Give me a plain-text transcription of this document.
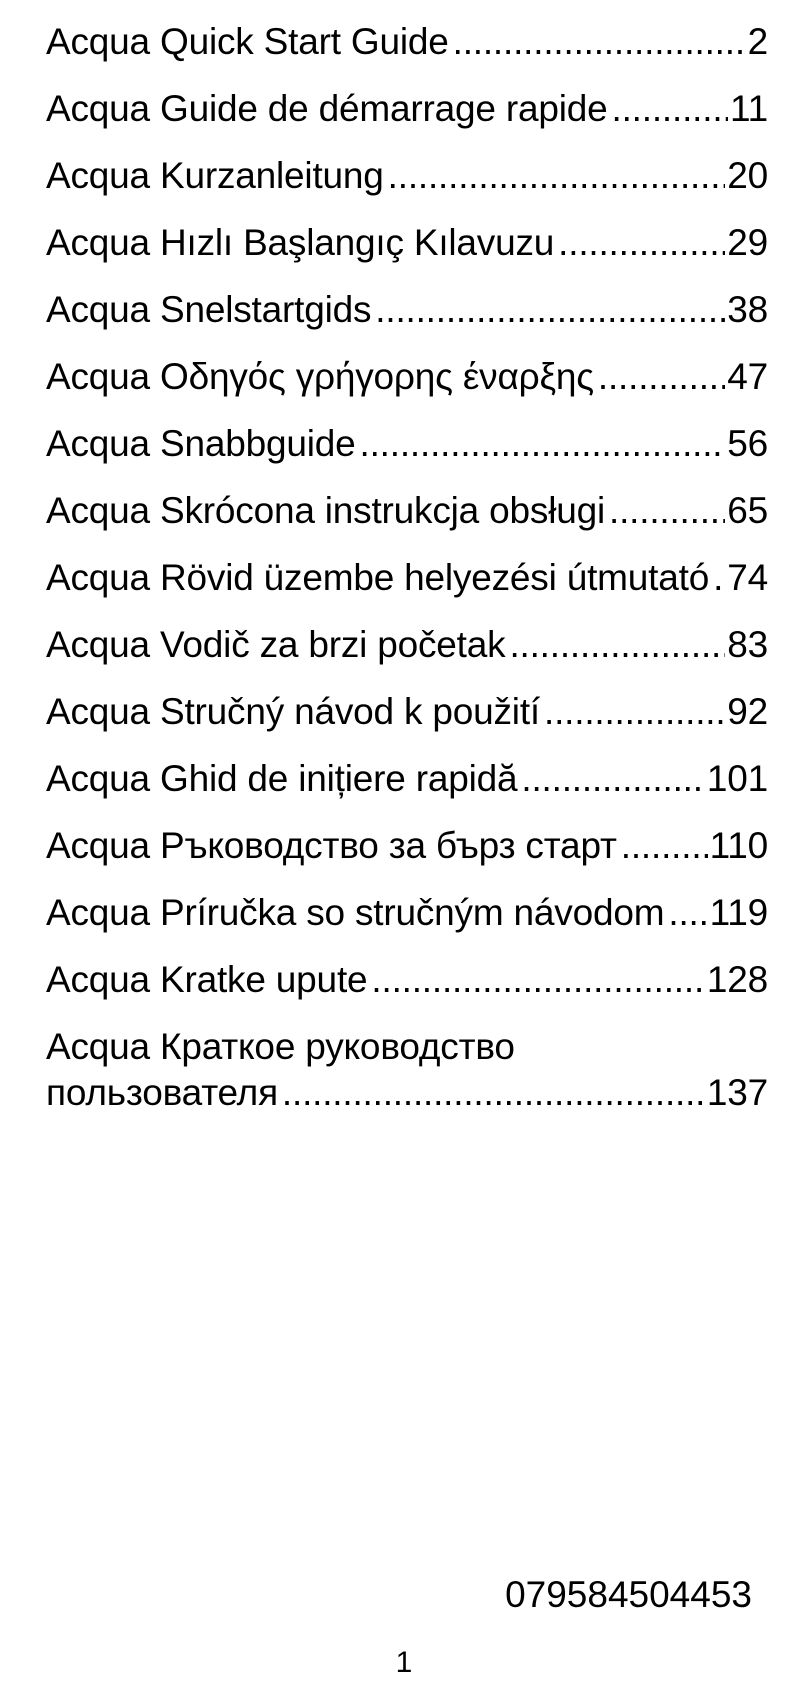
Acqua Quick Start Guide .....	2
Acqua Guide de démarrage rapide .....	11
Acqua Kurzanleitung .....	20
Acqua Hızlı Başlangıç Kılavuzu .....	29
Acqua Snelstartgids .....	38
Acqua Οδηγός γρήγορης έναρξης .....	47
Acqua Snabbguide .....	56
Acqua Skrócona instrukcja obsługi .....	65
Acqua Rövid üzembe helyezési útmutató ..... 74
Acqua Vodič za brzi početak .....	83
Acqua Stručný návod k použití .....	92
Acqua Ghid de inițiere rapidă .....	101
Acqua Ръководство за бърз старт .....	110
Acqua Príručka so stručným návodom ..... 119
Acqua Kratke upute .....	128
Acqua Краткое руководство
пользователя .....	137
079584504453
1
